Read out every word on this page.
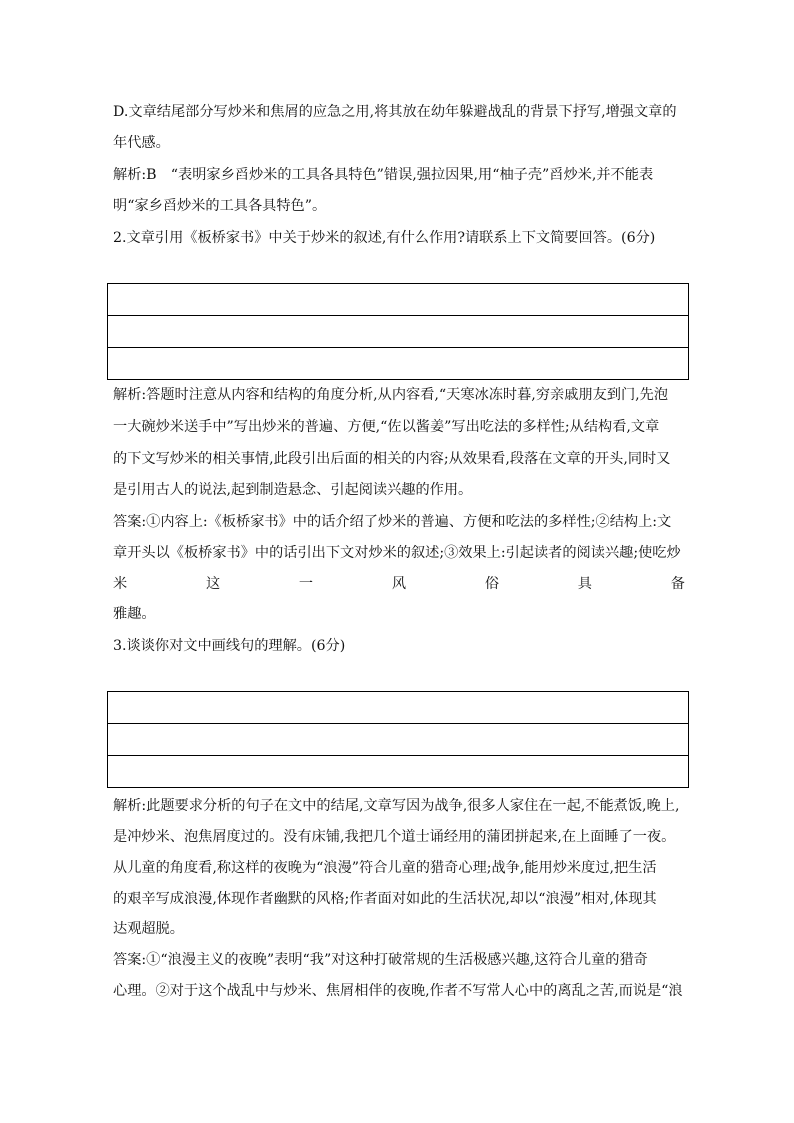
D.文章结尾部分写炒米和焦屑的应急之用,将其放在幼年躲避战乱的背景下抒写,增强文章的
年代感。
解析:B　“表明家乡舀炒米的工具各具特色”错误,强拉因果,用“柚子壳”舀炒米,并不能表
明“家乡舀炒米的工具各具特色”。
2.文章引用《板桥家书》中关于炒米的叙述,有什么作用?请联系上下文简要回答。(6分)
解析:答题时注意从内容和结构的角度分析,从内容看,“天寒冰冻时暮,穷亲戚朋友到门,先泡
一大碗炒米送手中”写出炒米的普遍、方便,“佐以酱姜”写出吃法的多样性;从结构看,文章
的下文写炒米的相关事情,此段引出后面的相关的内容;从效果看,段落在文章的开头,同时又
是引用古人的说法,起到制造悬念、引起阅读兴趣的作用。
答案:①内容上:《板桥家书》中的话介绍了炒米的普遍、方便和吃法的多样性;②结构上:文
章开头以《板桥家书》中的话引出下文对炒米的叙述;③效果上:引起读者的阅读兴趣;使吃炒
米	这	一	风	俗	具	备
雅趣。
3.谈谈你对文中画线句的理解。(6分)
解析:此题要求分析的句子在文中的结尾,文章写因为战争,很多人家住在一起,不能煮饭,晚上,
是冲炒米、泡焦屑度过的。没有床铺,我把几个道士诵经用的蒲团拼起来,在上面睡了一夜。
从儿童的角度看,称这样的夜晚为“浪漫”符合儿童的猎奇心理;战争,能用炒米度过,把生活
的艰辛写成浪漫,体现作者幽默的风格;作者面对如此的生活状况,却以“浪漫”相对,体现其
达观超脱。
答案:①“浪漫主义的夜晚”表明“我”对这种打破常规的生活极感兴趣,这符合儿童的猎奇
心理。②对于这个战乱中与炒米、焦屑相伴的夜晚,作者不写常人心中的离乱之苦,而说是“浪
